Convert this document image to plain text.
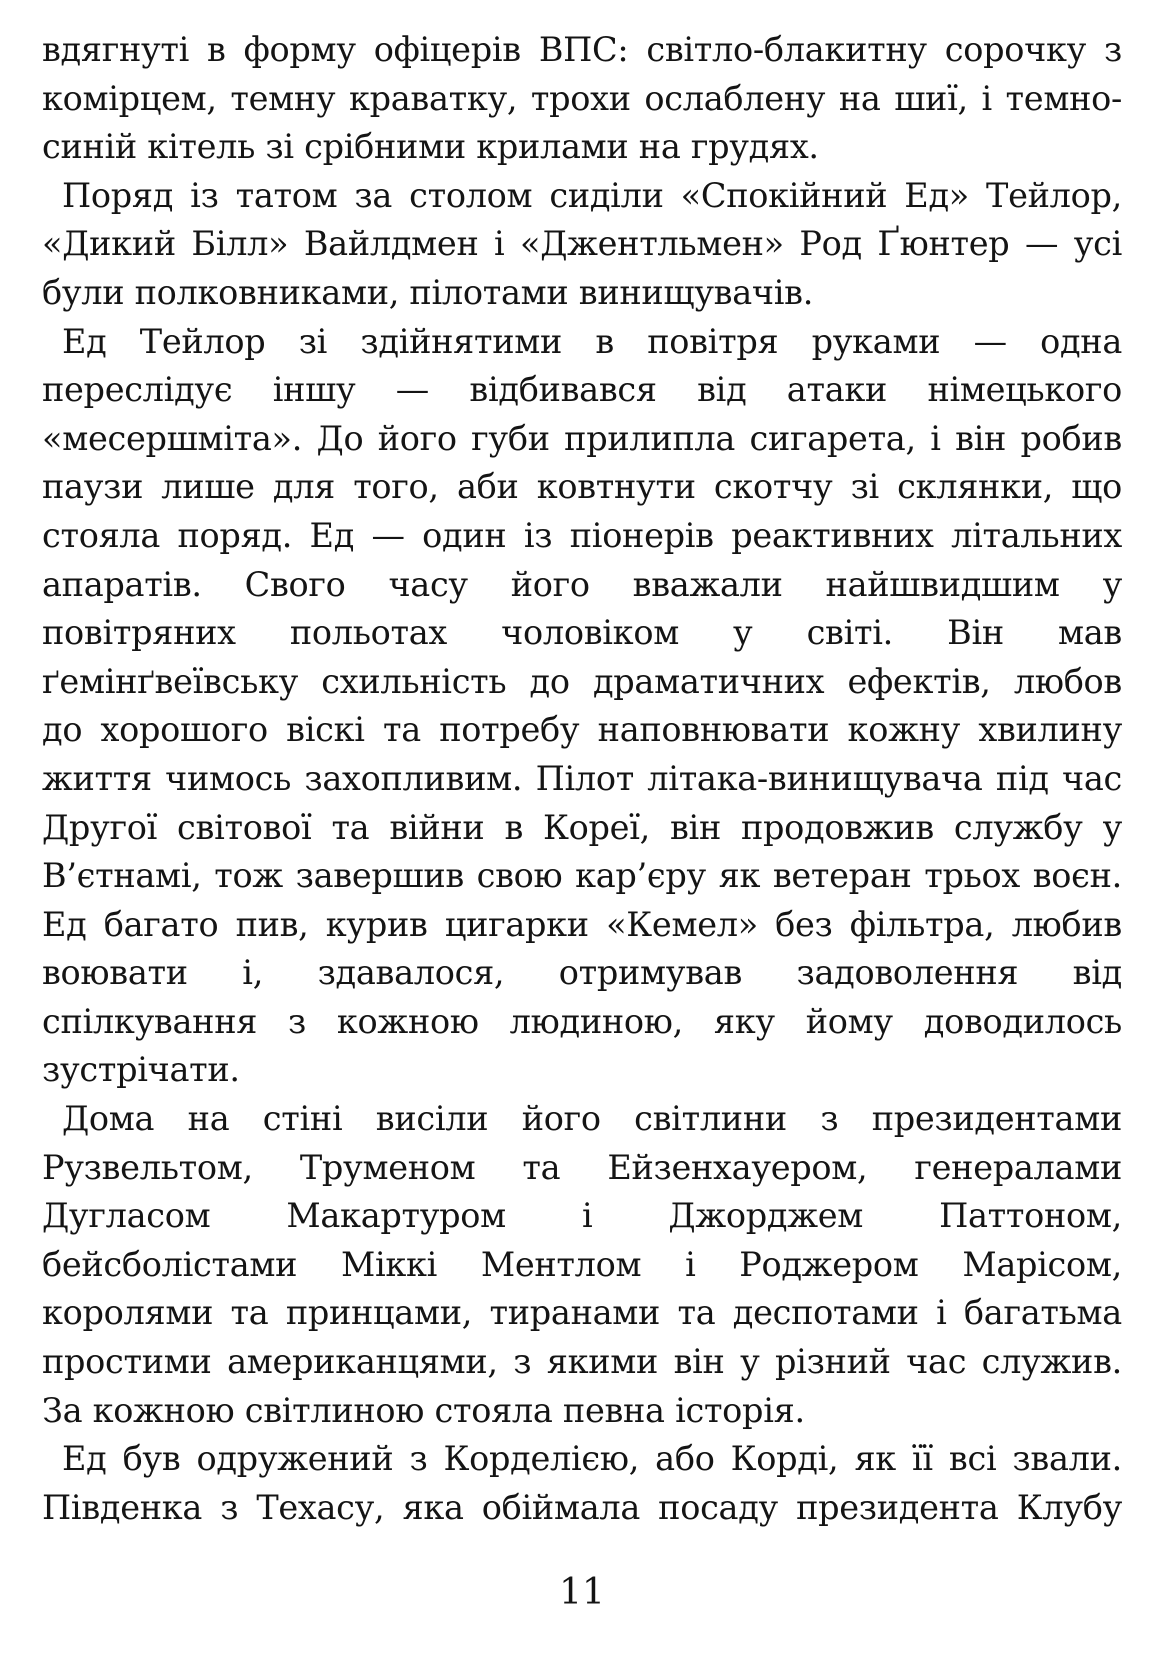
вдягнуті в форму офіцерів ВПС: світло-блакитну сорочку з
комірцем, темну краватку, трохи ослаблену на шиї, і темно-
синій кітель зі срібними крилами на грудях.
Поряд із татом за столом сиділи «Спокійний Ед» Тейлор,
«Дикий Білл» Вайлдмен і «Джентльмен» Род Ґюнтер — усі
були полковниками, пілотами винищувачів.
Ед Тейлор зі здійнятими в повітря руками — одна
переслідує іншу — відбивався від атаки німецького
«месершміта». До його губи прилипла сигарета, і він робив
паузи лише для того, аби ковтнути скотчу зі склянки, що
стояла поряд. Ед — один із піонерів реактивних літальних
апаратів. Свого часу його вважали найшвидшим у
повітряних польотах чоловіком у світі. Він мав
ґемінґвеївську схильність до драматичних ефектів, любов
до хорошого віскі та потребу наповнювати кожну хвилину
життя чимось захопливим. Пілот літака-винищувача під час
Другої світової та війни в Кореї, він продовжив службу у
В’єтнамі, тож завершив свою кар’єру як ветеран трьох воєн.
Ед багато пив, курив цигарки «Кемел» без фільтра, любив
воювати і, здавалося, отримував задоволення від
спілкування з кожною людиною, яку йому доводилось
зустрічати.
Дома на стіні висіли його світлини з президентами
Рузвельтом, Труменом та Ейзенхауером, генералами
Дугласом Макартуром і Джорджем Паттоном,
бейсболістами Міккі Ментлом і Роджером Марісом,
королями та принцами, тиранами та деспотами і багатьма
простими американцями, з якими він у різний час служив.
За кожною світлиною стояла певна історія.
Ед був одружений з Корделією, або Корді, як її всі звали.
Південка з Техасу, яка обіймала посаду президента Клубу
11
